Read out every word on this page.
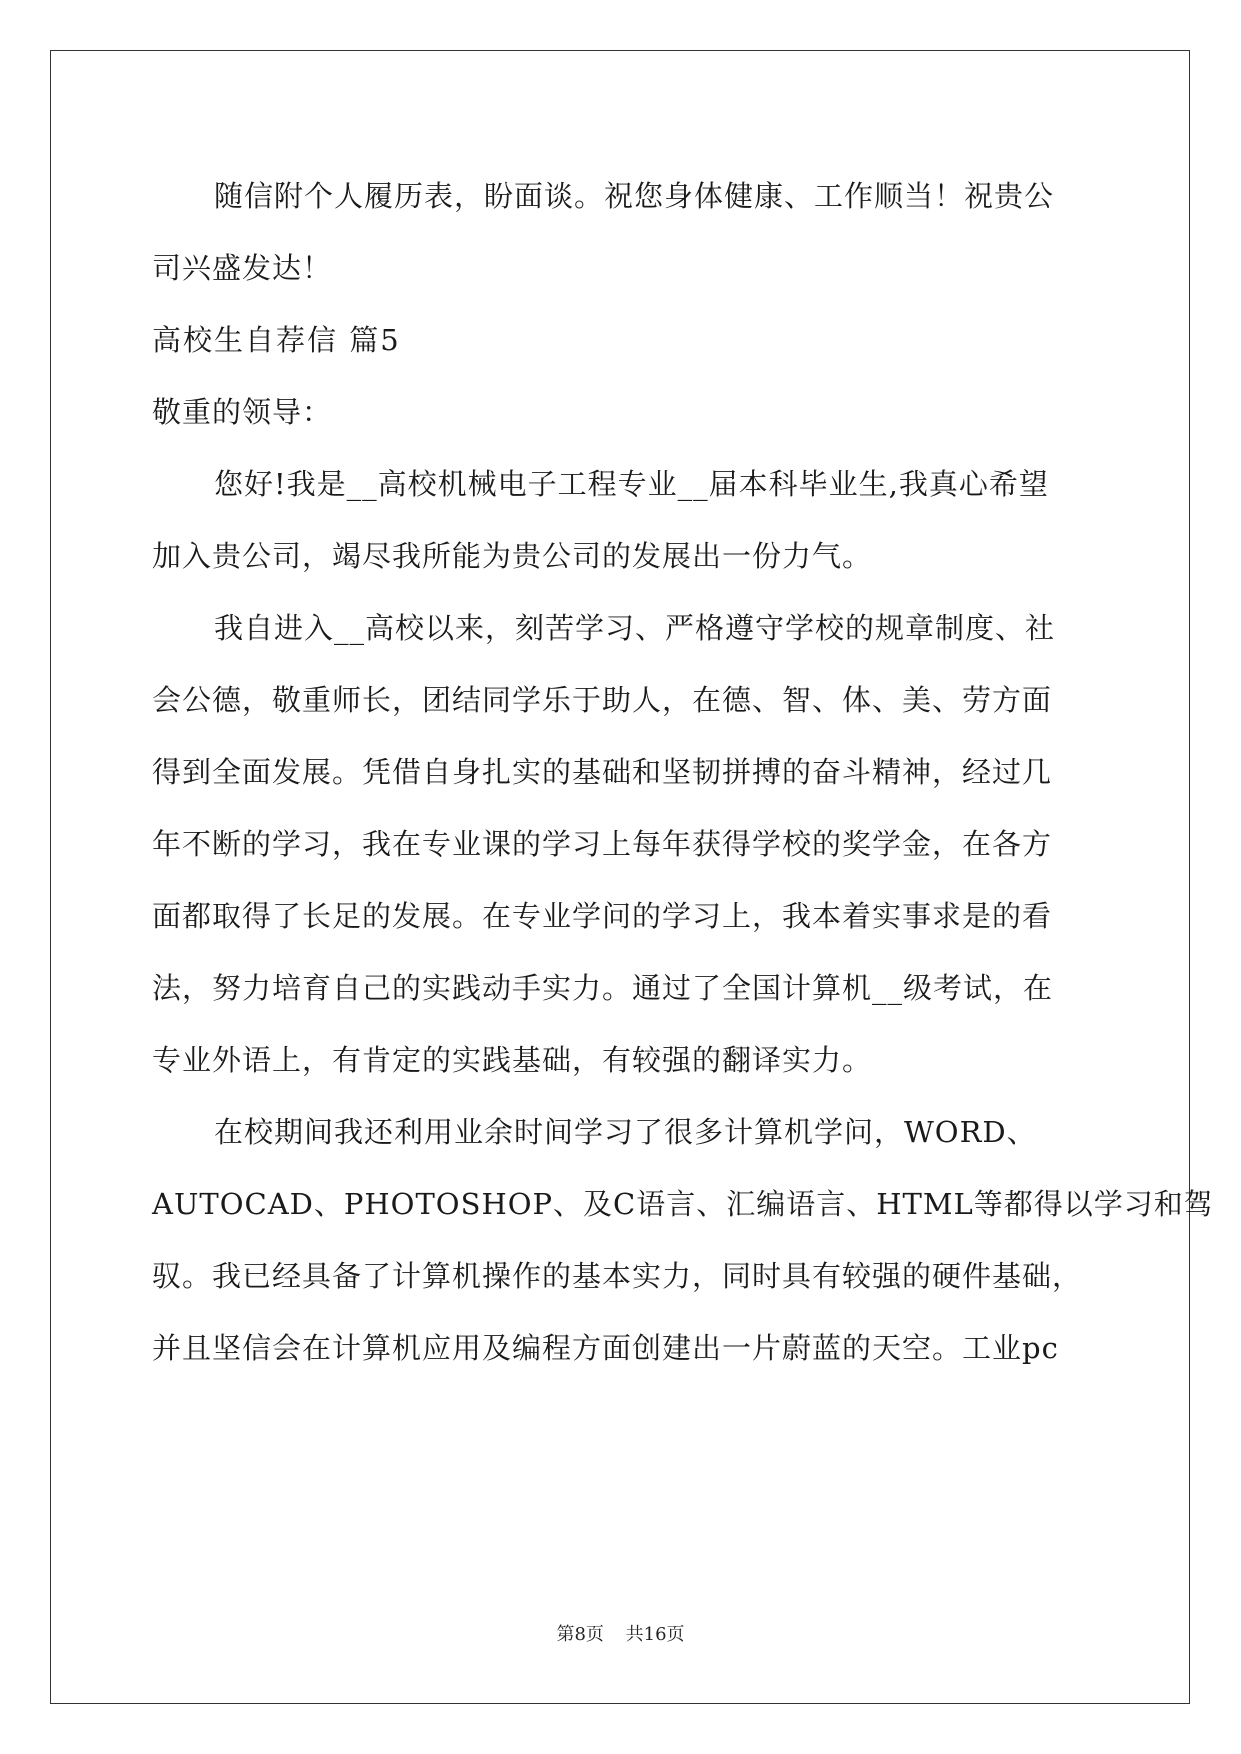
随信附个人履历表，盼面谈。祝您身体健康、工作顺当！祝贵公
司兴盛发达！
高校生自荐信 篇5
敬重的领导：
您好!我是__高校机械电子工程专业__届本科毕业生,我真心希望
加入贵公司，竭尽我所能为贵公司的发展出一份力气。
我自进入__高校以来，刻苦学习、严格遵守学校的规章制度、社
会公德，敬重师长，团结同学乐于助人，在德、智、体、美、劳方面
得到全面发展。凭借自身扎实的基础和坚韧拼搏的奋斗精神，经过几
年不断的学习，我在专业课的学习上每年获得学校的奖学金，在各方
面都取得了长足的发展。在专业学问的学习上，我本着实事求是的看
法，努力培育自己的实践动手实力。通过了全国计算机__级考试，在
专业外语上，有肯定的实践基础，有较强的翻译实力。
在校期间我还利用业余时间学习了很多计算机学问，WORD、
AUTOCAD、PHOTOSHOP、及C语言、汇编语言、HTML等都得以学习和驾
驭。我已经具备了计算机操作的基本实力，同时具有较强的硬件基础，
并且坚信会在计算机应用及编程方面创建出一片蔚蓝的天空。工业pc
第8页 共16页
